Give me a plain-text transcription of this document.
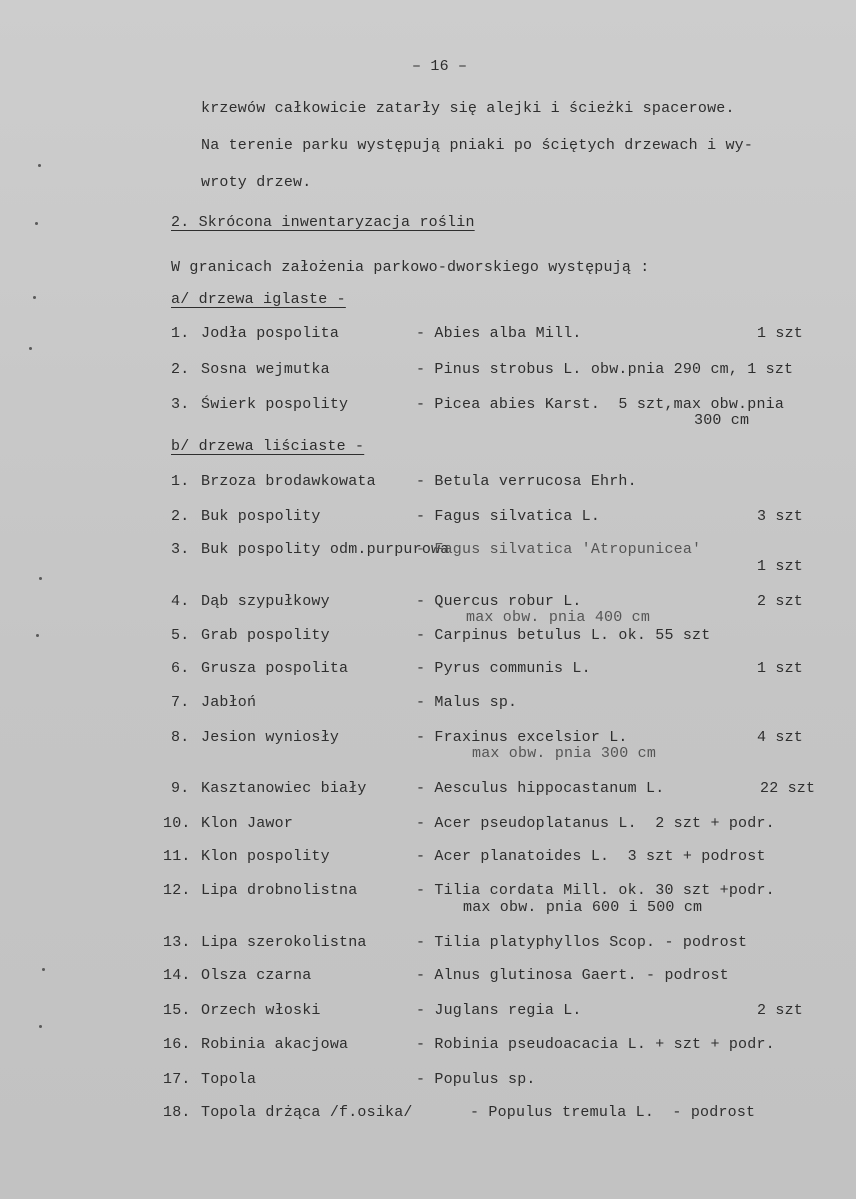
– 16 –
krzewów całkowicie zatarły się alejki i ścieżki spacerowe.
Na terenie parku występują pniaki po ściętych drzewach i wy-
wroty drzew.
2. Skrócona inwentaryzacja roślin
W granicach założenia parkowo-dworskiego występują :
a/ drzewa iglaste -
1. Jodła pospolita	- Abies alba Mill.	1 szt
2. Sosna wejmutka	- Pinus strobus L. obw.pnia 290 cm, 1 szt
3. Świerk pospolity	- Picea abies Karst.  5 szt,max obw.pnia
300 cm
b/ drzewa liściaste -
1. Brzoza brodawkowata	- Betula verrucosa Ehrh.
2. Buk pospolity	- Fagus silvatica L.	3 szt
3. Buk pospolity odm.purpurowa
- Fagus silvatica 'Atropunicea'
1 szt
4. Dąb szypułkowy	- Quercus robur L.	2 szt
max obw. pnia 400 cm
5. Grab pospolity	- Carpinus betulus L. ok. 55 szt
6. Grusza pospolita	- Pyrus communis L.	1 szt
7. Jabłoń	- Malus sp.
8. Jesion wyniosły	- Fraxinus excelsior L.	4 szt
max obw. pnia 300 cm
9. Kasztanowiec biały	- Aesculus hippocastanum L.	22 szt
10. Klon Jawor	- Acer pseudoplatanus L.  2 szt + podr.
11. Klon pospolity	- Acer planatoides L.  3 szt + podrost
12. Lipa drobnolistna	- Tilia cordata Mill. ok. 30 szt +podr.
max obw. pnia 600 i 500 cm
13. Lipa szerokolistna	- Tilia platyphyllos Scop. - podrost
14. Olsza czarna	- Alnus glutinosa Gaert. - podrost
15. Orzech włoski	- Juglans regia L.	2 szt
16. Robinia akacjowa	- Robinia pseudoacacia L. + szt + podr.
17. Topola	- Populus sp.
18. Topola drżąca /f.osika/	- Populus tremula L.  - podrost
